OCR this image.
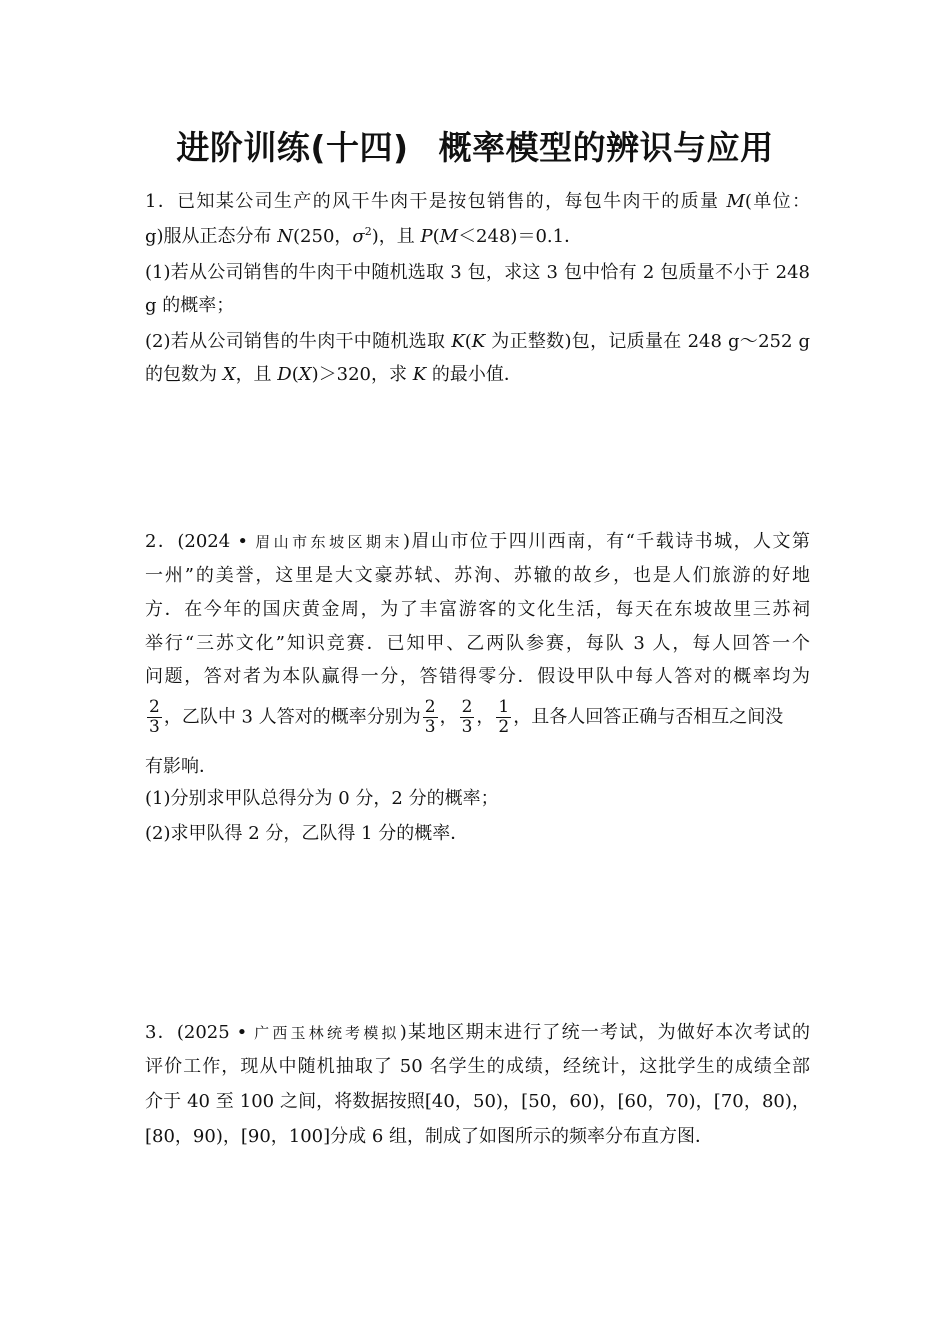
进阶训练(十四) 概率模型的辨识与应用

1．已知某公司生产的风干牛肉干是按包销售的，每包牛肉干的质量 M(单位：

g)服从正态分布 N(250，$\sigma^2$)，且 P(M＜248)＝0.1．

(1)若从公司销售的牛肉干中随机选取 3 包，求这 3 包中恰有 2 包质量不小于 248

g 的概率；

(2)若从公司销售的牛肉干中随机选取 K(K 为正整数)包，记质量在 248 g～252 g

的包数为 X，且 D(X)＞320，求 K 的最小值．

2．(2024 • 眉山市东坡区期末)眉山市位于四川西南，有“千载诗书城，人文第

一州”的美誉，这里是大文豪苏轼、苏洵、苏辙的故乡，也是人们旅游的好地

方．在今年的国庆黄金周，为了丰富游客的文化生活，每天在东坡故里三苏祠

举行“三苏文化”知识竞赛．已知甲、乙两队参赛，每队 3 人，每人回答一个

问题，答对者为本队赢得一分，答错得零分．假设甲队中每人答对的概率均为

$\frac{2}{3}$ ，乙队中 3 人答对的概率分别为 $\frac{2}{3}$ ， $\frac{2}{3}$ ， $\frac{1}{2}$ ，且各人回答正确与否相互之间没

有影响．

(1)分别求甲队总得分为 0 分，2 分的概率；

(2)求甲队得 2 分，乙队得 1 分的概率．

3．(2025 • 广西玉林统考模拟)某地区期末进行了统一考试，为做好本次考试的

评价工作，现从中随机抽取了 50 名学生的成绩，经统计，这批学生的成绩全部

介于 40 至 100 之间，将数据按照[40，50)，[50，60)，[60，70)，[70，80)，

[80，90)，[90，100]分成 6 组，制成了如图所示的频率分布直方图．
